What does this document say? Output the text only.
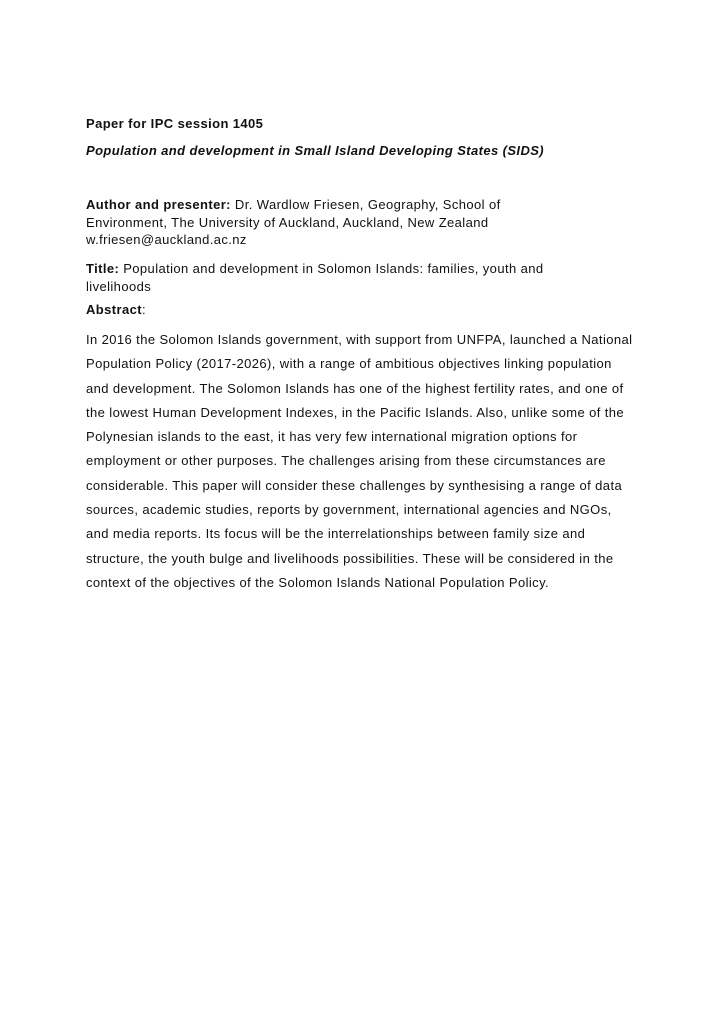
Paper for IPC session 1405
Population and development in Small Island Developing States (SIDS)
Author and presenter: Dr. Wardlow Friesen, Geography, School of Environment, The University of Auckland, Auckland, New Zealand
w.friesen@auckland.ac.nz
Title: Population and development in Solomon Islands: families, youth and livelihoods
Abstract:

In 2016 the Solomon Islands government, with support from UNFPA, launched a National Population Policy (2017-2026), with a range of ambitious objectives linking population and development. The Solomon Islands has one of the highest fertility rates, and one of the lowest Human Development Indexes, in the Pacific Islands. Also, unlike some of the Polynesian islands to the east, it has very few international migration options for employment or other purposes. The challenges arising from these circumstances are considerable. This paper will consider these challenges by synthesising a range of data sources, academic studies, reports by government, international agencies and NGOs, and media reports. Its focus will be the interrelationships between family size and structure, the youth bulge and livelihoods possibilities. These will be considered in the context of the objectives of the Solomon Islands National Population Policy.
